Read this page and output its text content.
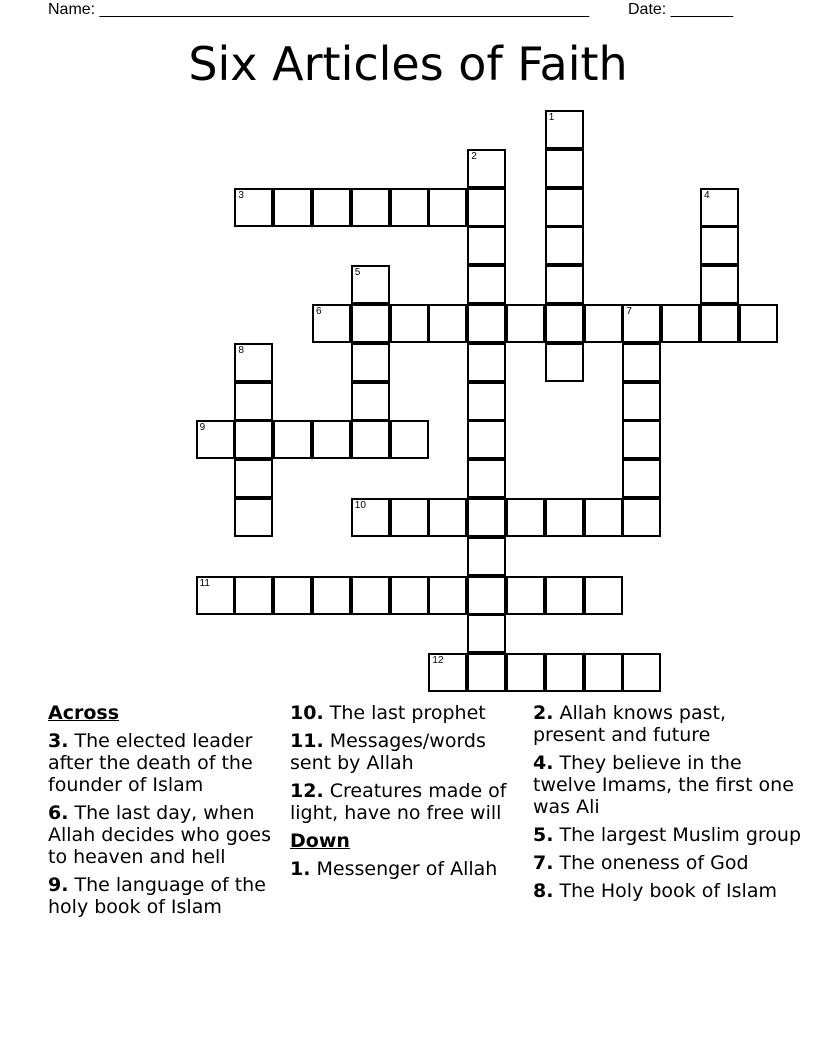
Name: _______________________________________________________ Date: _______
Six Articles of Faith
1
2
3	4
5
6	7
8
9
10
11
12
Across
3. The elected leader after the death of the founder of Islam
6. The last day, when Allah decides who goes to heaven and hell
9. The language of the holy book of Islam
10. The last prophet
11. Messages/words sent by Allah
12. Creatures made of light, have no free will
Down
1. Messenger of Allah
2. Allah knows past, present and future
4. They believe in the twelve Imams, the first one was Ali
5. The largest Muslim group
7. The oneness of God
8. The Holy book of Islam
